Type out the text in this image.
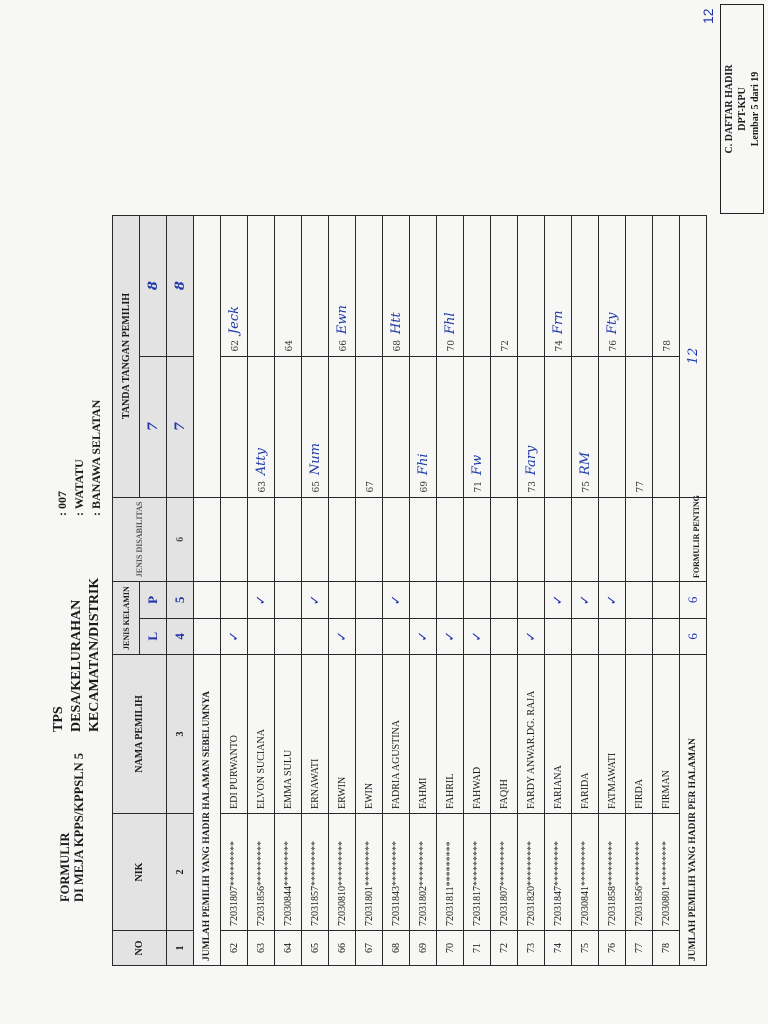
FORMULIR DI MEJA KPPS/KPPSLN 5
TPS DESA/KELURAHAN KECAMATAN/DISTRIK
: 007 : WATATU : BANAWA SELATAN
C. DAFTAR HADIR DPT-KPU Lembar 5 dari 19
NO	NIK	NAMA PEMILIH	JENIS KELAMIN		JENIS DISABILITAS	TANDA TANGAN PEMILIH	
			L	P		7	8
1	2	3	4	5	6	7	8
JUMLAH PEMILIH YANG HADIR HALAMAN SEBELUMNYA							
62	72031807*********	EDI PURWANTO	✓				62Jeck
63	72031856*********	ELVON SUCIANA		✓		63Atty	
64	72030844*********	EMMA SULU					64
65	72031857*********	ERNAWATI		✓		65Num	
66	72030810*********	ERWIN	✓				66Ewn
67	72031801*********	EWIN				67	
68	72031843*********	FADRIA AGUSTINA		✓			68Htt
69	72031802*********	FAHMI	✓			69Fhi	
70	72031811*********	FAHRIL	✓				70Fhl
71	72031817*********	FAHWAD	✓			71Fw	
72	72031807*********	FAQIH					72
73	72031820*********	FARDY ANWAR.DG. RAJA	✓			73Fary	
74	72031847*********	FARIANA		✓			74Frn
75	72030841*********	FARIDA		✓		75RM	
76	72031858*********	FATMAWATI		✓			76Fty
77	72031856*********	FIRDA				77	
78	72030801*********	FIRMAN					78
JUMLAH PEMILIH YANG HADIR PER HALAMAN			6	6		12	
FORMULIR PENTING
12
